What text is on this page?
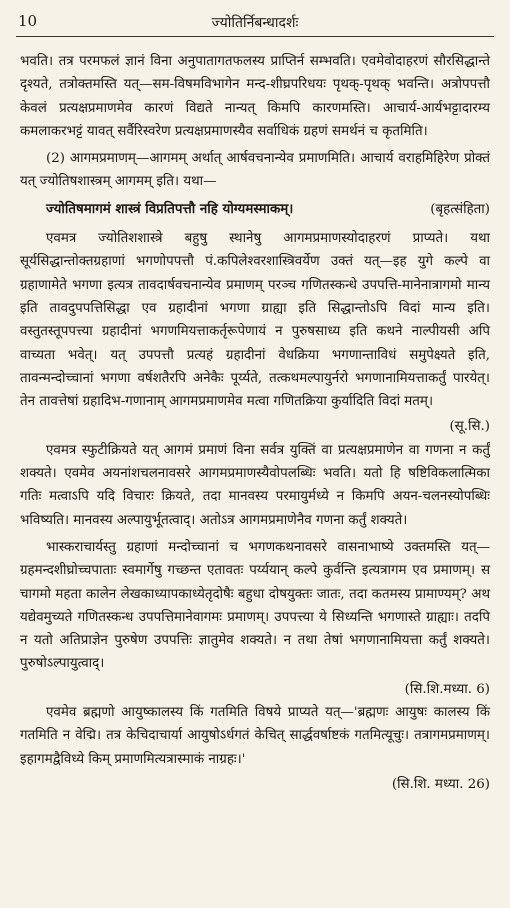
10	ज्योतिर्निबन्धादर्शः

भवति। तत्र परमफलं ज्ञानं विना अनुपातागतफलस्य प्राप्तिर्न सम्भवति। एवमेवोदाहरणं सौरसिद्धान्ते दृश्यते, तत्रोक्तमस्ति यत्—सम-विषमविभागेन मन्द-शीघ्रपरिधयः पृथक्-पृथक् भवन्ति। अत्रोपपत्तौ केवलं प्रत्यक्षप्रमाणमेव कारणं विद्यते नान्यत् किमपि कारणमस्ति। आचार्य-आर्यभट्टादारम्य कमलाकरभट्टं यावत् सर्वैरिस्वरेण प्रत्यक्षप्रमाणस्यैव सर्वाधिकं ग्रहणं समर्थनं च कृतमिति।

(2) आगमप्रमाणम्—आगमम् अर्थात् आर्षवचनान्येव प्रमाणमिति। आचार्य वराहमिहिरेण प्रोक्तं यत् ज्योतिषशास्त्रम् आगमम् इति। यथा—

ज्योतिषमागमं शास्त्रं विप्रतिपत्तौ नहि योग्यमस्माकम्।	(बृहत्संहिता)

एवमत्र ज्योतिशशास्त्रे बहुषु स्थानेषु आगमप्रमाणस्योदाहरणं प्राप्यते। यथा सूर्यसिद्धान्तोक्तग्रहाणां भगणोपपत्तौ पं.कपिलेश्वरशास्त्रिवर्येण उक्तं यत्—इह युगे कल्पे वा ग्रहाणामेते भगणा इत्यत्र तावदार्षवचनान्येव प्रमाणम् परञ्च गणितस्कन्धे उपपत्ति-मानेनात्रागमो मान्य इति तावदुपपत्तिसिद्धा एव ग्रहादीनां भगणा ग्राह्या इति सिद्धान्तोऽपि विदां मान्य इति। वस्तुतस्तूपपत्त्या ग्रहादीनां भगणमियत्ताकर्तृरूपेणायं न पुरुषसाध्य इति कथने नाल्पीयसी अपि वाच्यता भवेत्। यत् उपपत्तौ प्रत्यहं ग्रहादीनां वेधक्रिया भगणान्ताविधं समुपेक्ष्यते इति, तावन्मन्दोच्चानां भगणा वर्षशतैरपि अनेकैः पूर्य्यते, तत्कथमल्पायुर्नरो भगणानामियत्ताकर्तुं पारयेत्। तेन तावत्तेषां ग्रहादिभ-गणानाम् आगमप्रमाणमेव मत्वा गणितक्रिया कुर्यादिति विदां मतम्।

(सू.सि.)

एवमत्र स्फुटीक्रियते यत् आगमं प्रमाणं विना सर्वत्र युक्तिं वा प्रत्यक्षप्रमाणेन वा गणना न कर्तुं शक्यते। एवमेव अयनांशचलनावसरे आगमप्रमाणस्यैवोपलब्धिः भवति। यतो हि षष्टिविकलात्मिका गतिः मत्वाऽपि यदि विचारः क्रियते, तदा मानवस्य परमायुर्मध्ये न किमपि अयन-चलनस्योपब्धिः भविष्यति। मानवस्य अल्पायुर्भूतत्वाद्। अतोऽत्र आगमप्रमाणेनैव गणना कर्तुं शक्यते।

भास्कराचार्यस्तु ग्रहाणां मन्दोच्चानां च भगणकथनावसरे वासनाभाष्ये उक्तमस्ति यत्—ग्रहमन्दशीघ्रोच्चपाताः स्वमार्गेषु गच्छन्त एतावतः पर्य्ययान् कल्पे कुर्वन्ति इत्यत्रागम एव प्रमाणम्। स चागमो महता कालेन लेखकाध्यापकाध्येतृदोषैः बहुधा दोषयुक्तः जातः, तदा कतमस्य प्रामाण्यम्? अथ यद्येवमुच्यते गणितस्कन्ध उपपत्तिमानेवागमः प्रमाणम्। उपपत्त्या ये सिध्यन्ति भगणास्ते ग्राह्याः। तदपि न यतो अतिप्राज्ञेन पुरुषेण उपपत्तिः ज्ञातुमेव शक्यते। न तथा तेषां भगणानामियत्ता कर्तुं शक्यते। पुरुषोऽल्पायुत्वाद्।

(सि.शि.मध्या. 6)

एवमेव ब्रह्मणो आयुष्कालस्य किं गतमिति विषये प्राप्यते यत्—'ब्रह्मणः आयुषः कालस्य किं गतमिति न वेद्मि। तत्र केचिदाचार्या आयुषोऽर्धगतं केचित् सार्द्धवर्षाष्टकं गतमित्यूचुः। तत्रागमप्रमाणम्। इहागमद्वैविध्ये किम् प्रमाणमित्यत्रास्माकं नाग्रहः।'

(सि.शि. मध्या. 26)
